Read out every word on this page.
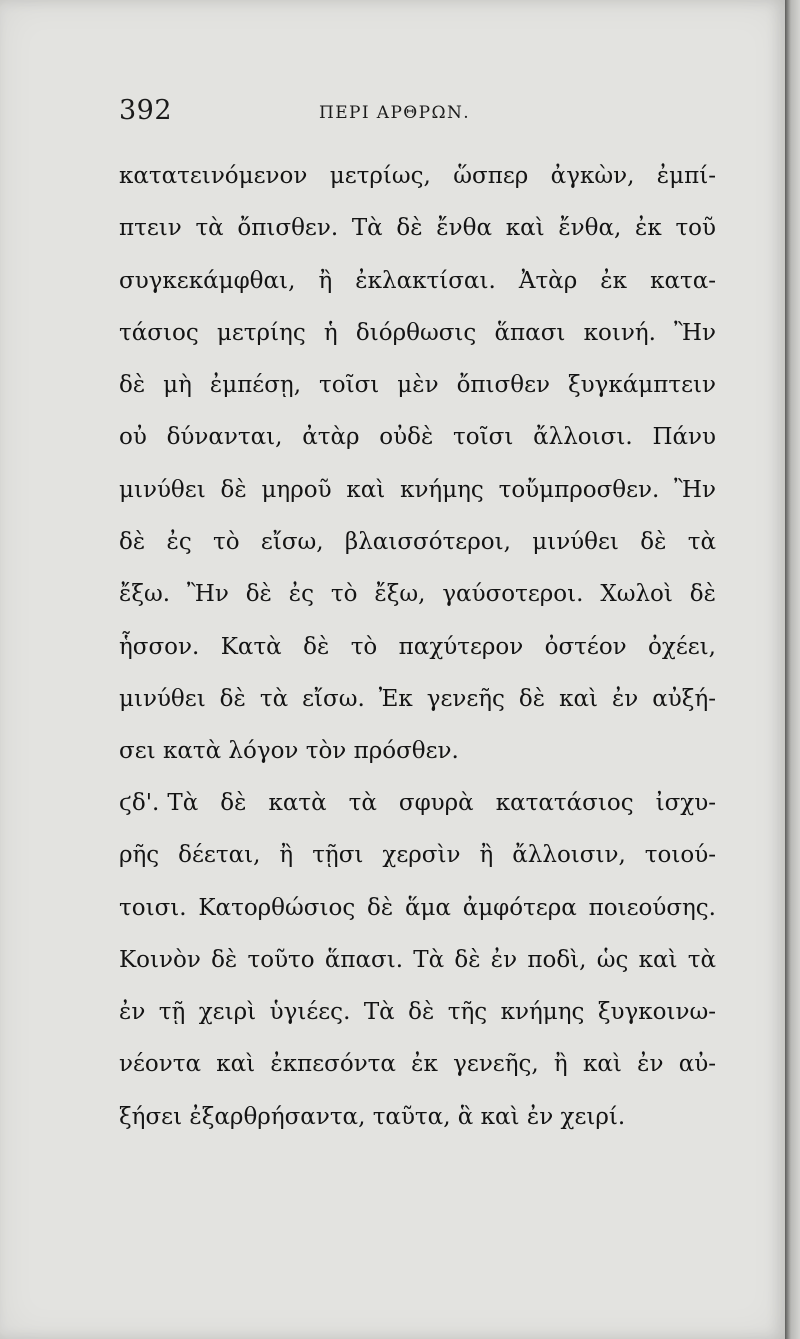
392	ΠΕΡΙ ΑΡΘΡΩΝ.
κατατεινόμενον μετρίως, ὥσπερ ἀγκὼν, ἐμπί-
πτειν τὰ ὄπισθεν. Τὰ δὲ ἔνθα καὶ ἔνθα, ἐκ τοῦ
συγκεκάμφθαι, ἢ ἐκλακτίσαι. Ἀτὰρ ἐκ κατα-
τάσιος μετρίης ἡ διόρθωσις ἅπασι κοινή. Ἢν
δὲ μὴ ἐμπέσῃ, τοῖσι μὲν ὄπισθεν ξυγκάμπτειν
οὐ δύνανται, ἀτὰρ οὐδὲ τοῖσι ἄλλοισι. Πάνυ
μινύθει δὲ μηροῦ καὶ κνήμης τοὔμπροσθεν. Ἢν
δὲ ἐς τὸ εἴσω, βλαισσότεροι, μινύθει δὲ τὰ
ἔξω. Ἢν δὲ ἐς τὸ ἔξω, γαύσοτεροι. Χωλοὶ δὲ
ἧσσον. Κατὰ δὲ τὸ παχύτερον ὀστέον ὀχέει,
μινύθει δὲ τὰ εἴσω. Ἐκ γενεῆς δὲ καὶ ἐν αὐξή-
σει κατὰ λόγον τὸν πρόσθεν.
ϛδ'. Τὰ δὲ κατὰ τὰ σφυρὰ κατατάσιος ἰσχυ-
ρῆς δέεται, ἢ τῇσι χερσὶν ἢ ἄλλοισιν, τοιού-
τοισι. Κατορθώσιος δὲ ἅμα ἀμφότερα ποιεούσης.
Κοινὸν δὲ τοῦτο ἅπασι. Τὰ δὲ ἐν ποδὶ, ὡς καὶ τὰ
ἐν τῇ χειρὶ ὑγιέες. Τὰ δὲ τῆς κνήμης ξυγκοινω-
νέοντα καὶ ἐκπεσόντα ἐκ γενεῆς, ἢ καὶ ἐν αὐ-
ξήσει ἐξαρθρήσαντα, ταῦτα, ἃ καὶ ἐν χειρί.
